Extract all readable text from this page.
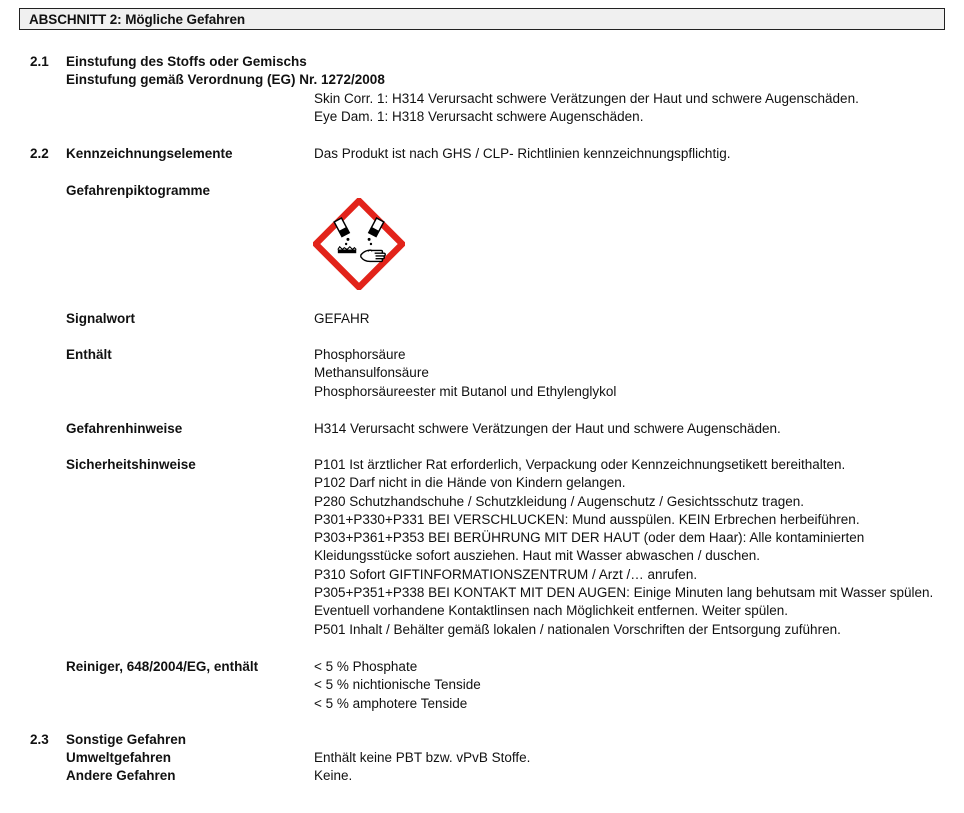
ABSCHNITT 2: Mögliche Gefahren
2.1 Einstufung des Stoffs oder Gemischs
Einstufung gemäß Verordnung (EG) Nr. 1272/2008
Skin Corr. 1: H314 Verursacht schwere Verätzungen der Haut und schwere Augenschäden.
Eye Dam. 1: H318 Verursacht schwere Augenschäden.
2.2 Kennzeichnungselemente	Das Produkt ist nach GHS / CLP- Richtlinien kennzeichnungspflichtig.
Gefahrenpiktogramme
Signalwort	GEFAHR
Enthält	Phosphorsäure
Methansulfonsäure
Phosphorsäureester mit Butanol und Ethylenglykol
Gefahrenhinweise	H314 Verursacht schwere Verätzungen der Haut und schwere Augenschäden.
Sicherheitshinweise	P101 Ist ärztlicher Rat erforderlich, Verpackung oder Kennzeichnungsetikett bereithalten.
P102 Darf nicht in die Hände von Kindern gelangen.
P280 Schutzhandschuhe / Schutzkleidung / Augenschutz / Gesichtsschutz tragen.
P301+P330+P331 BEI VERSCHLUCKEN: Mund ausspülen. KEIN Erbrechen herbeiführen.
P303+P361+P353 BEI BERÜHRUNG MIT DER HAUT (oder dem Haar): Alle kontaminierten
Kleidungsstücke sofort ausziehen. Haut mit Wasser abwaschen / duschen.
P310 Sofort GIFTINFORMATIONSZENTRUM / Arzt /… anrufen.
P305+P351+P338 BEI KONTAKT MIT DEN AUGEN: Einige Minuten lang behutsam mit Wasser spülen.
Eventuell vorhandene Kontaktlinsen nach Möglichkeit entfernen. Weiter spülen.
P501 Inhalt / Behälter gemäß lokalen / nationalen Vorschriften der Entsorgung zuführen.
Reiniger, 648/2004/EG, enthält	< 5 % Phosphate
< 5 % nichtionische Tenside
< 5 % amphotere Tenside
2.3 Sonstige Gefahren
Umweltgefahren	Enthält keine PBT bzw. vPvB Stoffe.
Andere Gefahren	Keine.
